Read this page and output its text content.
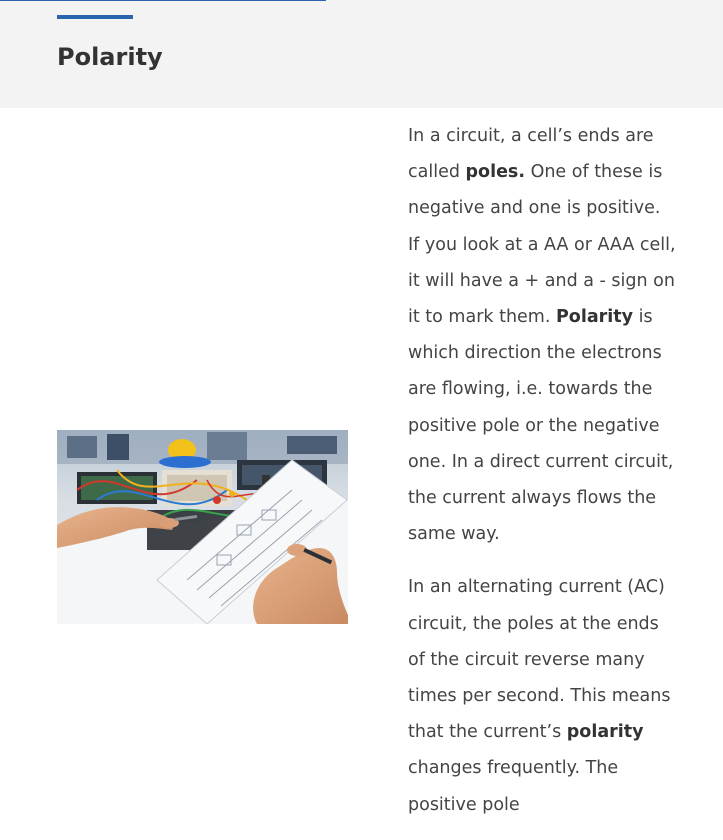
Polarity

In a circuit, a cell’s ends are called poles. One of these is negative and one is positive. If you look at a AA or AAA cell, it will have a + and a - sign on it to mark them. Polarity is which direction the electrons are flowing, i.e. towards the positive pole or the negative one. In a direct current circuit, the current always flows the same way.

In an alternating current (AC) circuit, the poles at the ends of the circuit reverse many times per second. This means that the current’s polarity changes frequently. The positive pole
